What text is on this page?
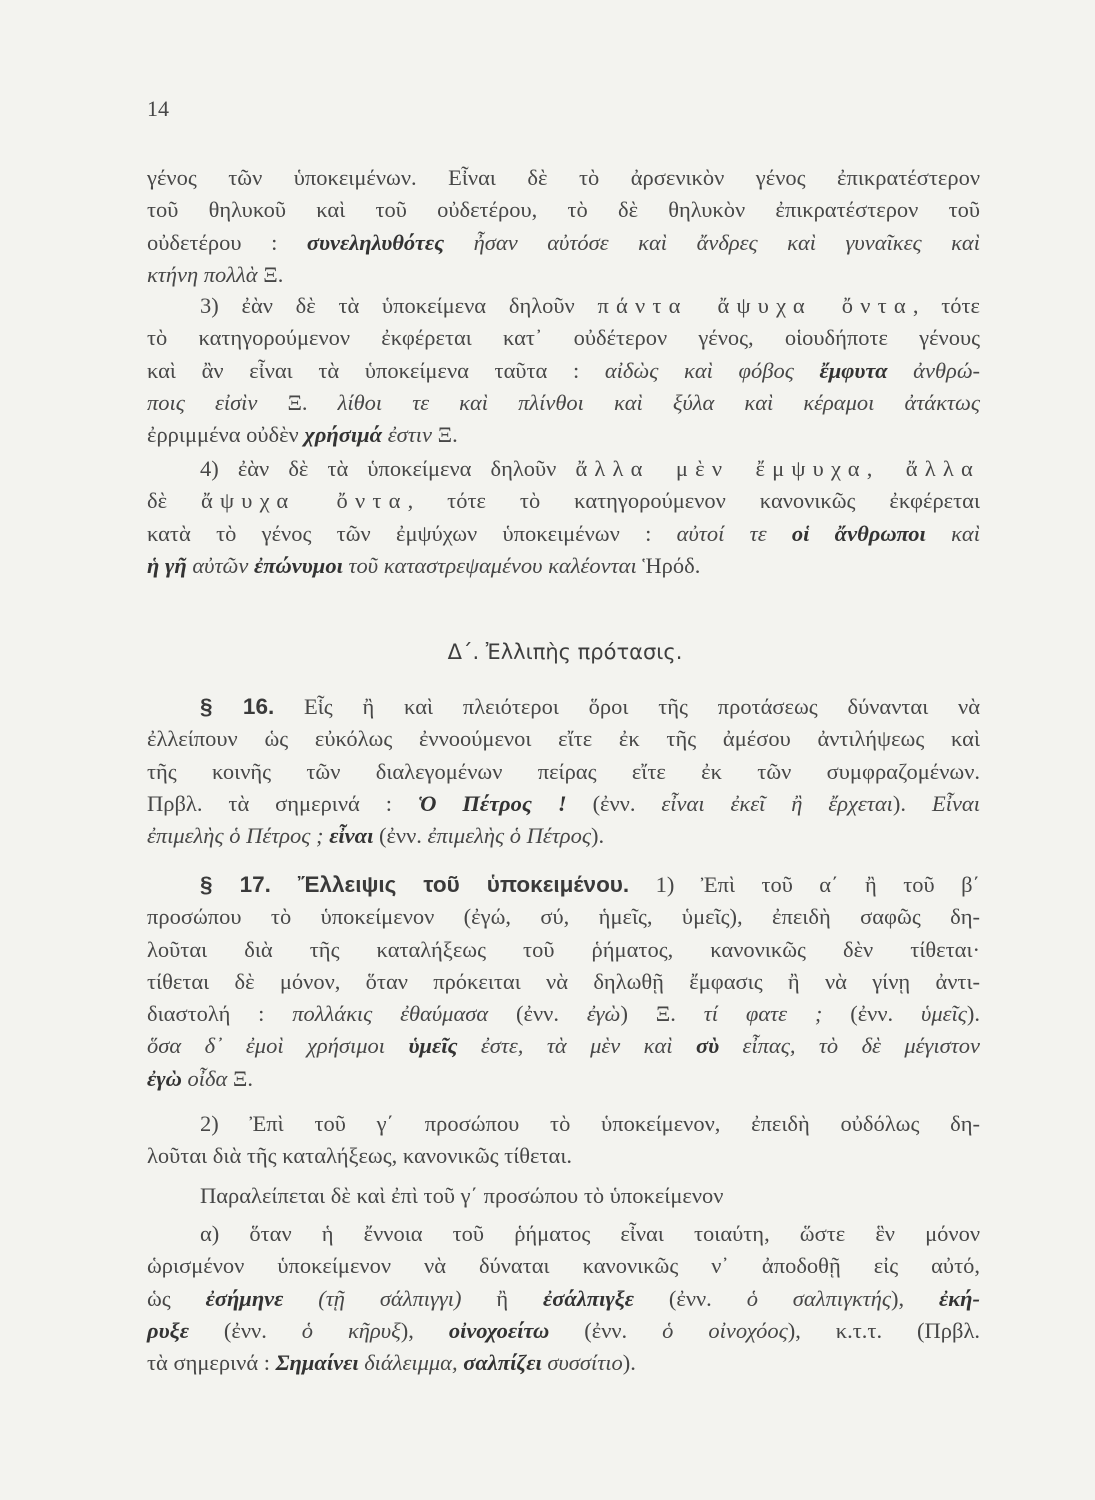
14
Δ΄. Ἐλλιπὴς πρότασις.
γένος τῶν ὑποκειμένων. Εἶναι δὲ τὸ ἀρσενικὸν γένος ἐπικρατέστερον
τοῦ θηλυκοῦ καὶ τοῦ οὐδετέρου, τὸ δὲ θηλυκὸν ἐπικρατέστερον τοῦ
οὐδετέρου : συνεληλυθότες ἦσαν αὐτόσε καὶ ἄνδρες καὶ γυναῖκες καὶ
κτήνη πολλὰ Ξ.
3) ἐὰν δὲ τὰ ὑποκείμενα δηλοῦν πάντα ἄψυχα ὄντα, τότε
τὸ κατηγορούμενον ἐκφέρεται κατ᾽ οὐδέτερον γένος, οἱουδήποτε γένους
καὶ ἂν εἶναι τὰ ὑποκείμενα ταῦτα : αἰδὼς καὶ φόβος ἔμφυτα ἀνθρώ-
ποις εἰσὶν Ξ. λίθοι τε καὶ πλίνθοι καὶ ξύλα καὶ κέραμοι ἀτάκτως
ἐρριμμένα οὐδὲν χρήσιμά ἐστιν Ξ.
4) ἐὰν δὲ τὰ ὑποκείμενα δηλοῦν ἄλλα μὲν ἔμψυχα, ἄλλα
δὲ ἄψυχα ὄντα, τότε τὸ κατηγορούμενον κανονικῶς ἐκφέρεται
κατὰ τὸ γένος τῶν ἐμψύχων ὑποκειμένων : αὐτοί τε οἱ ἄνθρωποι καὶ
ἡ γῆ αὐτῶν ἐπώνυμοι τοῦ καταστρεψαμένου καλέονται Ἡρόδ.
§ 16. Εἷς ἢ καὶ πλειότεροι ὅροι τῆς προτάσεως δύνανται νὰ
ἐλλείπουν ὡς εὐκόλως ἐννοούμενοι εἴτε ἐκ τῆς ἀμέσου ἀντιλήψεως καὶ
τῆς κοινῆς τῶν διαλεγομένων πείρας εἴτε ἐκ τῶν συμφραζομένων.
Πρβλ. τὰ σημερινά : Ὁ Πέτρος ! (ἐνν. εἶναι ἐκεῖ ἢ ἔρχεται). Εἶναι
ἐπιμελὴς ὁ Πέτρος ; εἶναι (ἐνν. ἐπιμελὴς ὁ Πέτρος).
§ 17. Ἔλλειψις τοῦ ὑποκειμένου. 1) Ἐπὶ τοῦ α΄ ἢ τοῦ β΄
προσώπου τὸ ὑποκείμενον (ἐγώ, σύ, ἡμεῖς, ὑμεῖς), ἐπειδὴ σαφῶς δη-
λοῦται διὰ τῆς καταλήξεως τοῦ ῥήματος, κανονικῶς δὲν τίθεται·
τίθεται δὲ μόνον, ὅταν πρόκειται νὰ δηλωθῇ ἔμφασις ἢ νὰ γίνῃ ἀντι-
διαστολή : πολλάκις ἐθαύμασα (ἐνν. ἐγὼ) Ξ. τί φατε ; (ἐνν. ὑμεῖς).
ὅσα δ᾽ ἐμοὶ χρήσιμοι ὑμεῖς ἐστε, τὰ μὲν καὶ σὺ εἶπας, τὸ δὲ μέγιστον
ἐγὼ οἶδα Ξ.
2) Ἐπὶ τοῦ γ΄ προσώπου τὸ ὑποκείμενον, ἐπειδὴ οὐδόλως δη-
λοῦται διὰ τῆς καταλήξεως, κανονικῶς τίθεται.
Παραλείπεται δὲ καὶ ἐπὶ τοῦ γ΄ προσώπου τὸ ὑποκείμενον
α) ὅταν ἡ ἔννοια τοῦ ῥήματος εἶναι τοιαύτη, ὥστε ἓν μόνον
ὡρισμένον ὑποκείμενον νὰ δύναται κανονικῶς ν᾽ ἀποδοθῇ εἰς αὐτό,
ὡς ἐσήμηνε (τῇ σάλπιγγι) ἢ ἐσάλπιγξε (ἐνν. ὁ σαλπιγκτής), ἐκή-
ρυξε (ἐνν. ὁ κῆρυξ), οἰνοχοείτω (ἐνν. ὁ οἰνοχόος), κ.τ.τ. (Πρβλ.
τὰ σημερινά : Σημαίνει διάλειμμα, σαλπίζει συσσίτιο).
